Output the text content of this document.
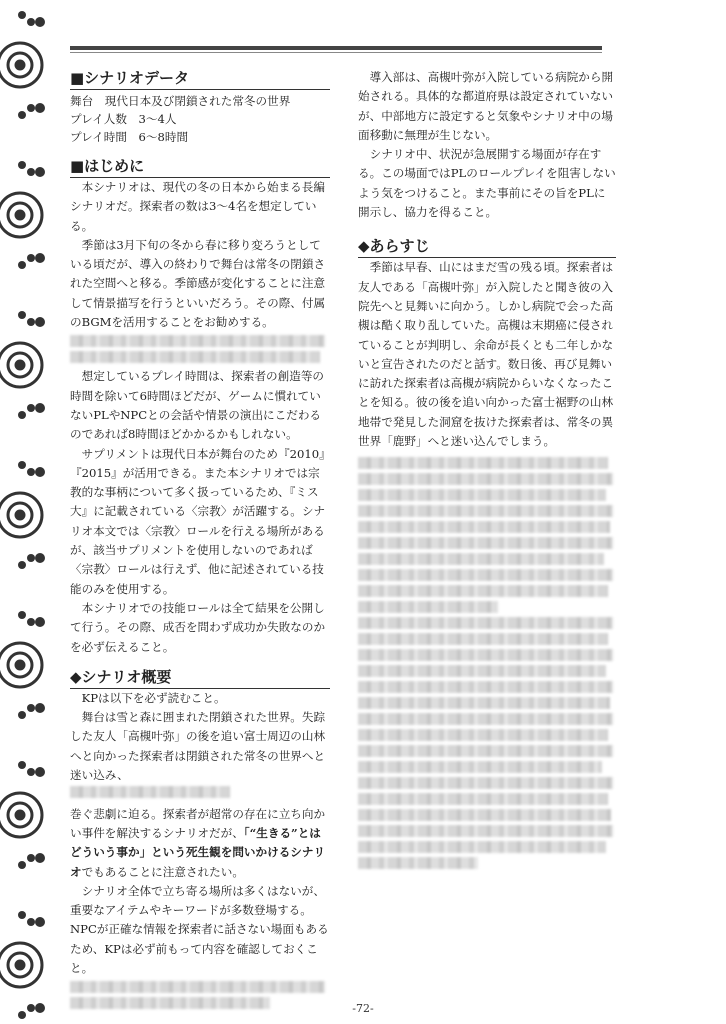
■シナリオデータ

舞台　現代日本及び閉鎖された常冬の世界

プレイ人数　3〜4人

プレイ時間　6〜8時間

■はじめに

本シナリオは、現代の冬の日本から始まる長編シナリオだ。探索者の数は3〜4名を想定している。

季節は3月下旬の冬から春に移り変ろうとしている頃だが、導入の終わりで舞台は常冬の閉鎖された空間へと移る。季節感が変化することに注意して情景描写を行うといいだろう。その際、付属のBGMを活用することをお勧めする。

想定しているプレイ時間は、探索者の創造等の時間を除いて6時間ほどだが、ゲームに慣れていないPLやNPCとの会話や情景の演出にこだわるのであれば8時間ほどかかるかもしれない。

サプリメントは現代日本が舞台のため『2010』『2015』が活用できる。また本シナリオでは宗教的な事柄について多く扱っているため、『ミス大』に記載されている〈宗教〉が活躍する。シナリオ本文では〈宗教〉ロールを行える場所があるが、該当サプリメントを使用しないのであれば〈宗教〉ロールは行えず、他に記述されている技能のみを使用する。

本シナリオでの技能ロールは全て結果を公開して行う。その際、成否を問わず成功か失敗なのかを必ず伝えること。

◆シナリオ概要

KPは以下を必ず読むこと。

舞台は雪と森に囲まれた閉鎖された世界。失踪した友人「高槻叶弥」の後を追い富士周辺の山林へと向かった探索者は閉鎖された常冬の世界へと迷い込み、

巻ぐ悲劇に迫る。探索者が超常の存在に立ち向かい事件を解決するシナリオだが、「“生きる”とはどういう事か」という死生観を問いかけるシナリオでもあることに注意されたい。

シナリオ全体で立ち寄る場所は多くはないが、重要なアイテムやキーワードが多数登場する。NPCが正確な情報を探索者に話さない場面もあるため、KPは必ず前もって内容を確認しておくこと。

導入部は、高槻叶弥が入院している病院から開始される。具体的な都道府県は設定されていないが、中部地方に設定すると気象やシナリオ中の場面移動に無理が生じない。

シナリオ中、状況が急展開する場面が存在する。この場面ではPLのロールプレイを阻害しないよう気をつけること。また事前にその旨をPLに開示し、協力を得ること。

◆あらすじ

季節は早春、山にはまだ雪の残る頃。探索者は友人である「高槻叶弥」が入院したと聞き彼の入院先へと見舞いに向かう。しかし病院で会った高槻は酷く取り乱していた。高槻は末期癌に侵されていることが判明し、余命が長くとも二年しかないと宣告されたのだと話す。数日後、再び見舞いに訪れた探索者は高槻が病院からいなくなったことを知る。彼の後を追い向かった富士裾野の山林地帯で発見した洞窟を抜けた探索者は、常冬の異世界「鹿野」へと迷い込んでしまう。

-72-
